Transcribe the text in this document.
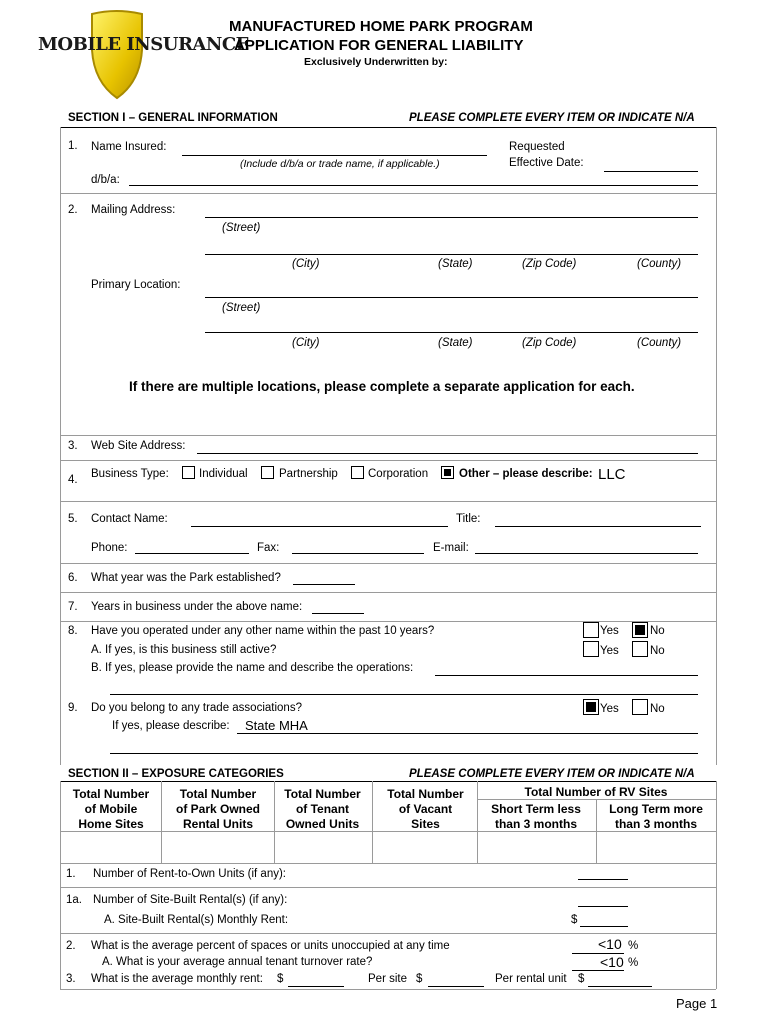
MOBILE INSURANCE
MANUFACTURED HOME PARK PROGRAM
APPLICATION FOR GENERAL LIABILITY
Exclusively Underwritten by:
SECTION I – GENERAL INFORMATION	PLEASE COMPLETE EVERY ITEM OR INDICATE N/A
1. Name Insured:
(Include d/b/a or trade name, if applicable.)
Requested
Effective Date:
d/b/a:
2. Mailing Address:
(Street)
(City)	(State)	(Zip Code)	(County)
Primary Location:
(Street)
(City)	(State)	(Zip Code)	(County)
If there are multiple locations, please complete a separate application for each.
3. Web Site Address:
4. Business Type:	Individual	Partnership	Corporation	Other – please describe: LLC
5. Contact Name:	Title:
Phone:	Fax:	E-mail:
6. What year was the Park established?
7. Years in business under the above name:
8. Have you operated under any other name within the past 10 years?	Yes	No
A. If yes, is this business still active?	Yes	No
B. If yes, please provide the name and describe the operations:
9. Do you belong to any trade associations?	Yes	No
If yes, please describe: State MHA
SECTION II – EXPOSURE CATEGORIES	PLEASE COMPLETE EVERY ITEM OR INDICATE N/A
Total Number
of Mobile
Home Sites
Total Number
of Park Owned
Rental Units
Total Number
of Tenant
Owned Units
Total Number
of Vacant
Sites
Total Number of RV Sites
Short Term less
than 3 months
Long Term more
than 3 months
1. Number of Rent-to-Own Units (if any):
1a. Number of Site-Built Rental(s) (if any):
A. Site-Built Rental(s) Monthly Rent:	$
2. What is the average percent of spaces or units unoccupied at any time	<10 %
A. What is your average annual tenant turnover rate?	<10 %
3. What is the average monthly rent: $	Per site $	Per rental unit $
Page 1
